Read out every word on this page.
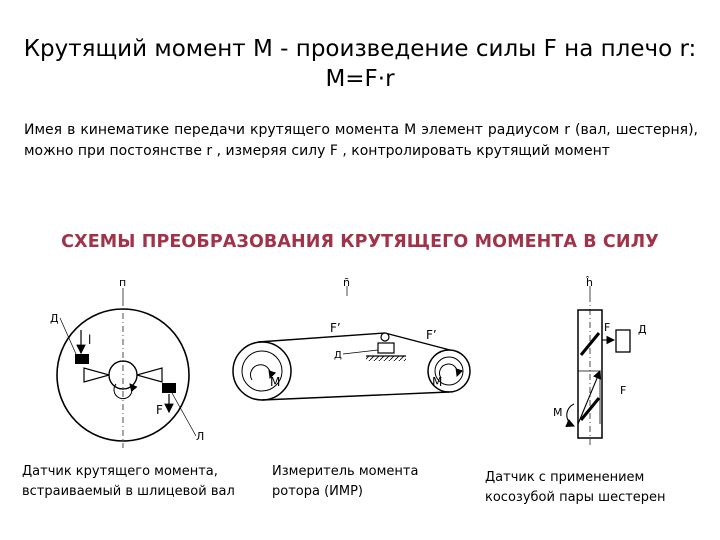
Крутящий момент М - произведение силы F на плечо r:
М=F·r
Имея в кинематике передачи крутящего момента М элемент радиусом r (вал, шестерня), можно при постоянстве r , измеряя силу F , контролировать крутящий момент
СХЕМЫ ПРЕОБРАЗОВАНИЯ КРУТЯЩЕГО МОМЕНТА В СИЛУ
п
Д
l
F
Л
ñ
F’	F’
Д
M	M
ĥ
F	Д
F
M
Датчик крутящего момента, встраиваемый в шлицевой вал
Измеритель момента ротора (ИМР)
Датчик с применением косозубой пары шестерен
